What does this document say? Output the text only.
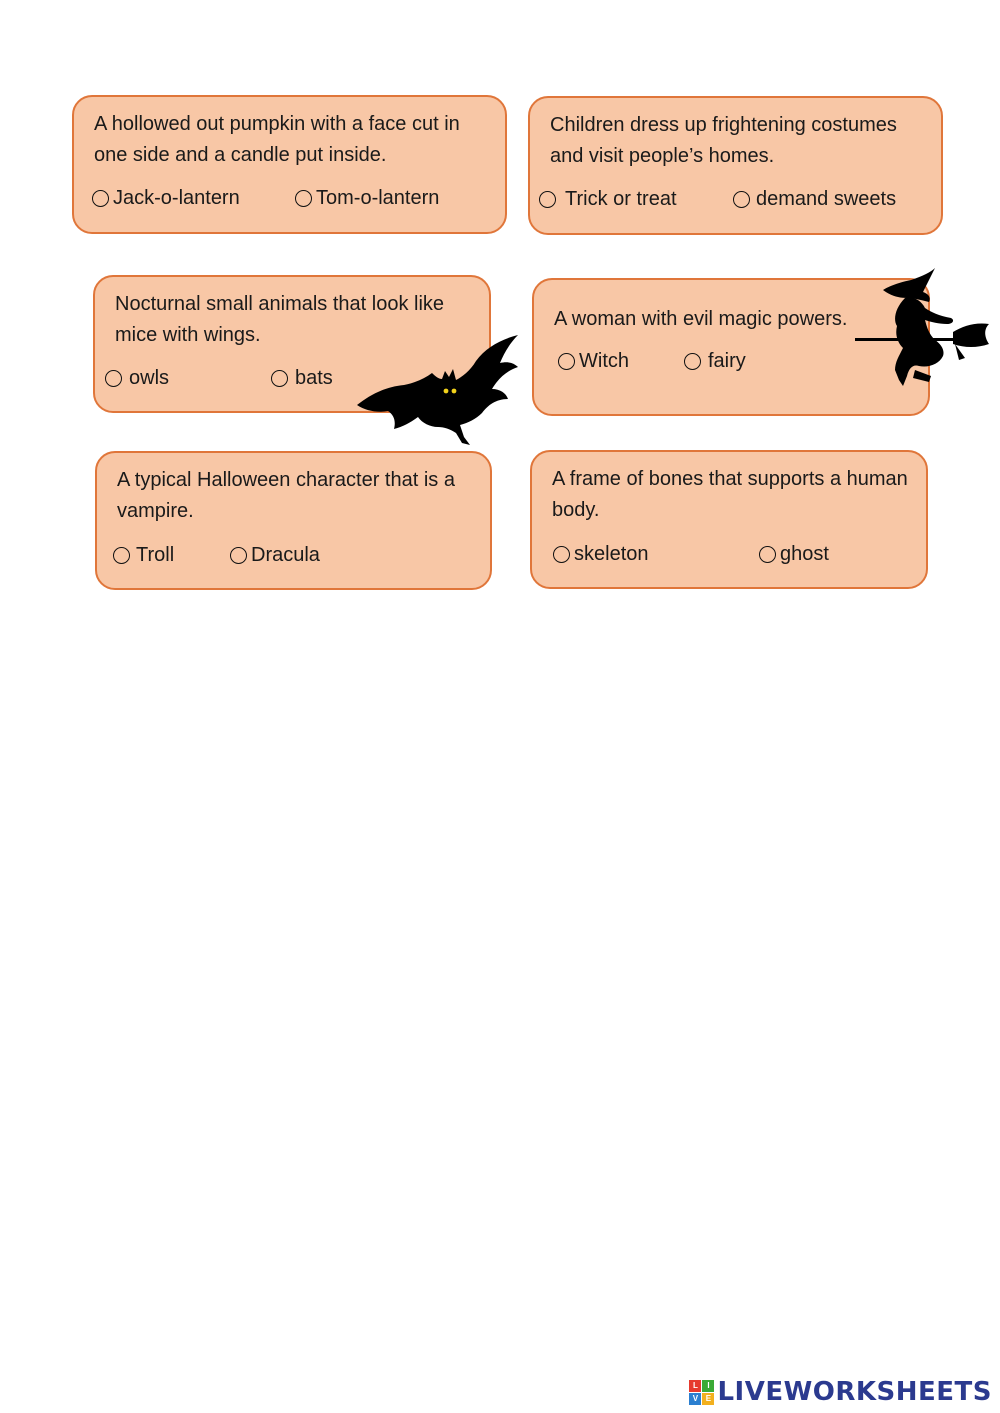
A hollowed out pumpkin with a face cut in one side and a candle put inside.

Jack-o-lantern	Tom-o-lantern

Children dress up frightening costumes and visit people’s homes.

Trick or treat	demand sweets

Nocturnal small animals that look like mice with wings.

owls	bats

A woman with evil magic powers.

Witch	fairy

A typical Halloween character that is a vampire.

Troll	Dracula

A frame of bones that supports a human body.

skeleton	ghost
L	I
V E LIVEWORKSHEETS
